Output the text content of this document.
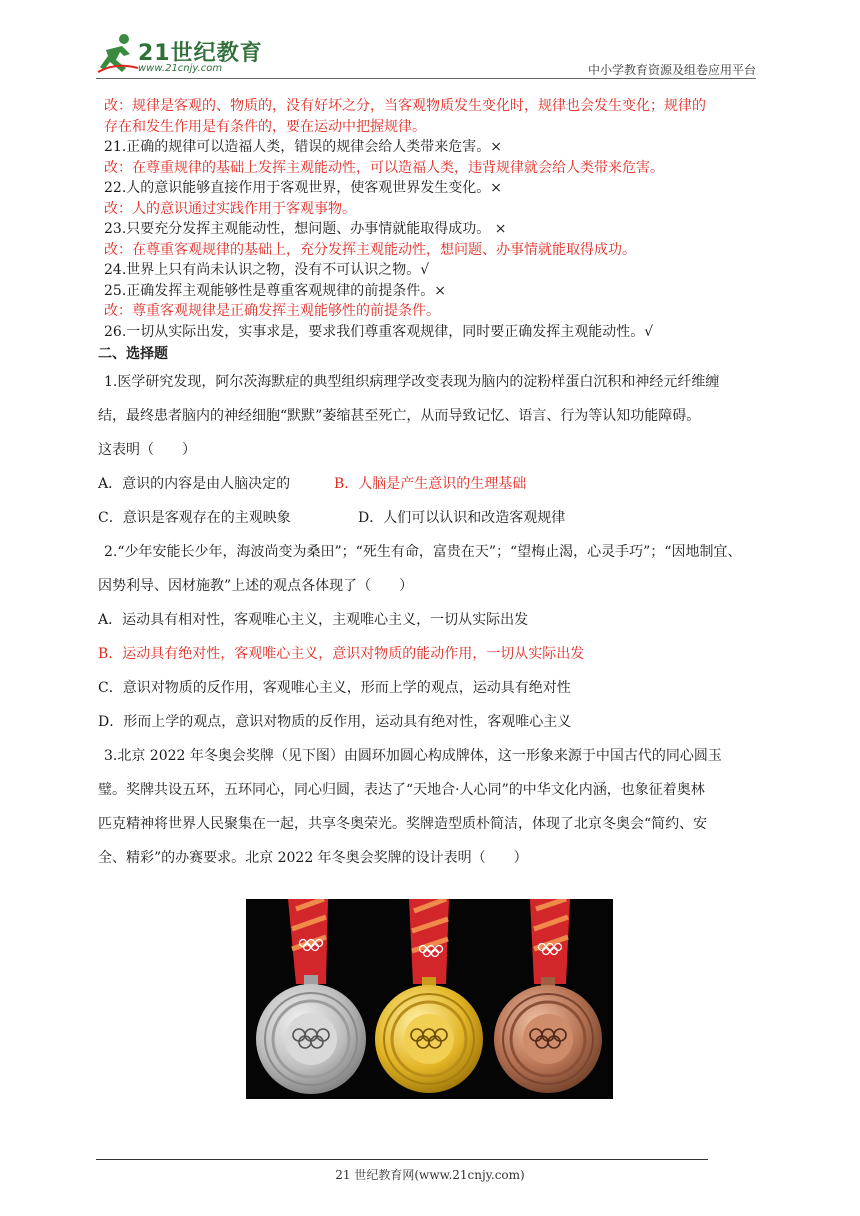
21世纪教育
www.21cnjy.com	中小学教育资源及组卷应用平台

改：规律是客观的、物质的，没有好坏之分，当客观物质发生变化时，规律也会发生变化；规律的

存在和发生作用是有条件的，要在运动中把握规律。

21.正确的规律可以造福人类，错误的规律会给人类带来危害。×

改：在尊重规律的基础上发挥主观能动性，可以造福人类，违背规律就会给人类带来危害。

22.人的意识能够直接作用于客观世界，使客观世界发生变化。×

改：人的意识通过实践作用于客观事物。

23.只要充分发挥主观能动性，想问题、办事情就能取得成功。 ×

改：在尊重客观规律的基础上，充分发挥主观能动性，想问题、办事情就能取得成功。

24.世界上只有尚未认识之物，没有不可认识之物。√

25.正确发挥主观能够性是尊重客观规律的前提条件。×

改：尊重客观规律是正确发挥主观能够性的前提条件。

26.一切从实际出发，实事求是，要求我们尊重客观规律，同时要正确发挥主观能动性。√

二、选择题

1.医学研究发现，阿尔茨海默症的典型组织病理学改变表现为脑内的淀粉样蛋白沉积和神经元纤维缠

结，最终患者脑内的神经细胞“默默”萎缩甚至死亡，从而导致记忆、语言、行为等认知功能障碍。

这表明（　　）

A．意识的内容是由人脑决定的	B．人脑是产生意识的生理基础

C．意识是客观存在的主观映象	D．人们可以认识和改造客观规律

2.“少年安能长少年，海波尚变为桑田”；“死生有命，富贵在天”；“望梅止渴，心灵手巧”；“因地制宜、

因势利导、因材施教”上述的观点各体现了（　　）

A．运动具有相对性，客观唯心主义，主观唯心主义，一切从实际出发

B．运动具有绝对性，客观唯心主义，意识对物质的能动作用，一切从实际出发

C．意识对物质的反作用，客观唯心主义，形而上学的观点，运动具有绝对性

D．形而上学的观点，意识对物质的反作用，运动具有绝对性，客观唯心主义

3.北京 2022 年冬奥会奖牌（见下图）由圆环加圆心构成牌体，这一形象来源于中国古代的同心圆玉

璧。奖牌共设五环，五环同心，同心归圆，表达了“天地合·人心同”的中华文化内涵，也象征着奥林

匹克精神将世界人民聚集在一起，共享冬奥荣光。奖牌造型质朴简洁，体现了北京冬奥会“简约、安

全、精彩”的办赛要求。北京 2022 年冬奥会奖牌的设计表明（　　）

21 世纪教育网(www.21cnjy.com)
